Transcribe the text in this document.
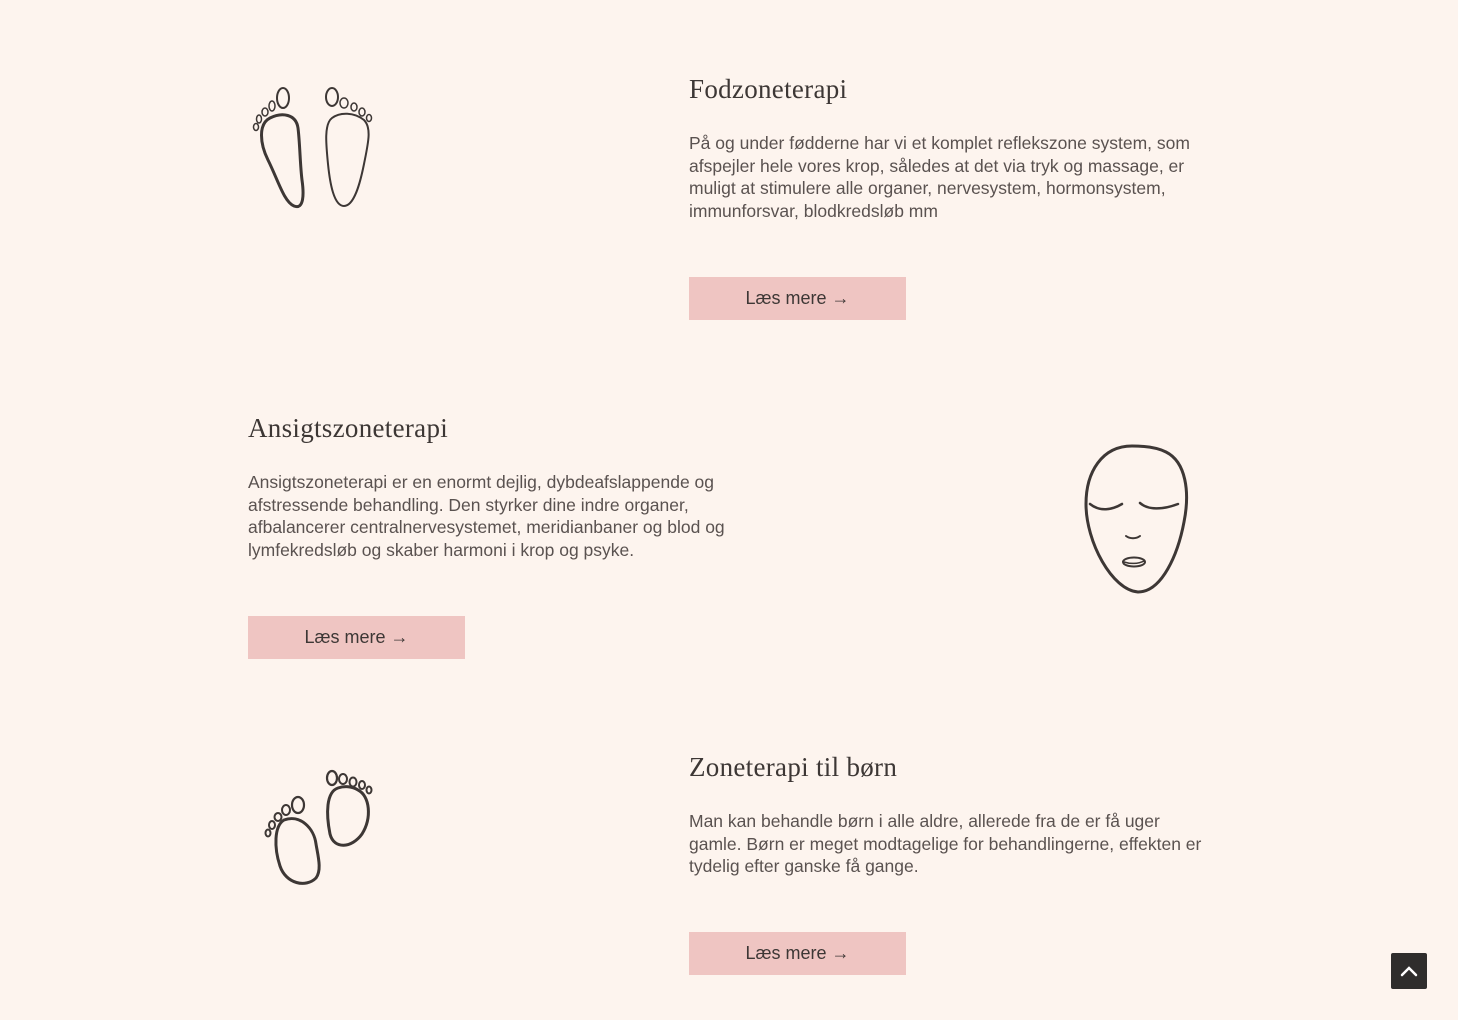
Fodzoneterapi

På og under fødderne har vi et komplet reflekszone system, som afspejler hele vores krop, således at det via tryk og massage, er muligt at stimulere alle organer, nervesystem, hormonsystem, immunforsvar, blodkredsløb mm

Læs mere →
Ansigtszoneterapi

Ansigtszoneterapi er en enormt dejlig, dybdeafslappende og afstressende behandling. Den styrker dine indre organer, afbalancerer centralnervesystemet, meridianbaner og blod og lymfekredsløb og skaber harmoni i krop og psyke.

Læs mere →
Zoneterapi til børn

Man kan behandle børn i alle aldre, allerede fra de er få uger gamle. Børn er meget modtagelige for behandlingerne, effekten er tydelig efter ganske få gange.

Læs mere →
